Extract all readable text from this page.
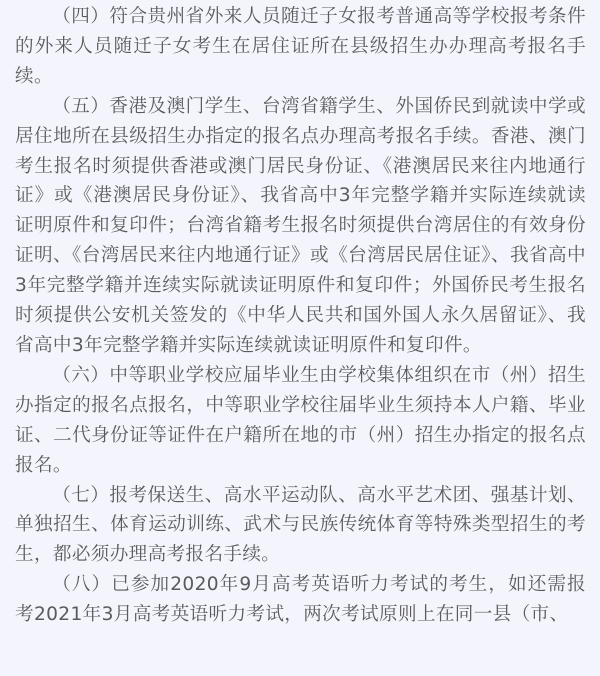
（四）符合贵州省外来人员随迁子女报考普通高等学校报考条件的外来人员随迁子女考生在居住证所在县级招生办办理高考报名手续。

（五）香港及澳门学生、台湾省籍学生、外国侨民到就读中学或居住地所在县级招生办指定的报名点办理高考报名手续。香港、澳门考生报名时须提供香港或澳门居民身份证、《港澳居民来往内地通行证》或《港澳居民身份证》、我省高中3年完整学籍并实际连续就读证明原件和复印件；台湾省籍考生报名时须提供台湾居住的有效身份证明、《台湾居民来往内地通行证》或《台湾居民居住证》、我省高中3年完整学籍并连续实际就读证明原件和复印件；外国侨民考生报名时须提供公安机关签发的《中华人民共和国外国人永久居留证》、我省高中3年完整学籍并实际连续就读证明原件和复印件。

（六）中等职业学校应届毕业生由学校集体组织在市（州）招生办指定的报名点报名，中等职业学校往届毕业生须持本人户籍、毕业证、二代身份证等证件在户籍所在地的市（州）招生办指定的报名点报名。

（七）报考保送生、高水平运动队、高水平艺术团、强基计划、单独招生、体育运动训练、武术与民族传统体育等特殊类型招生的考生，都必须办理高考报名手续。

（八）已参加2020年9月高考英语听力考试的考生，如还需报考2021年3月高考英语听力考试，两次考试原则上在同一县（市、
